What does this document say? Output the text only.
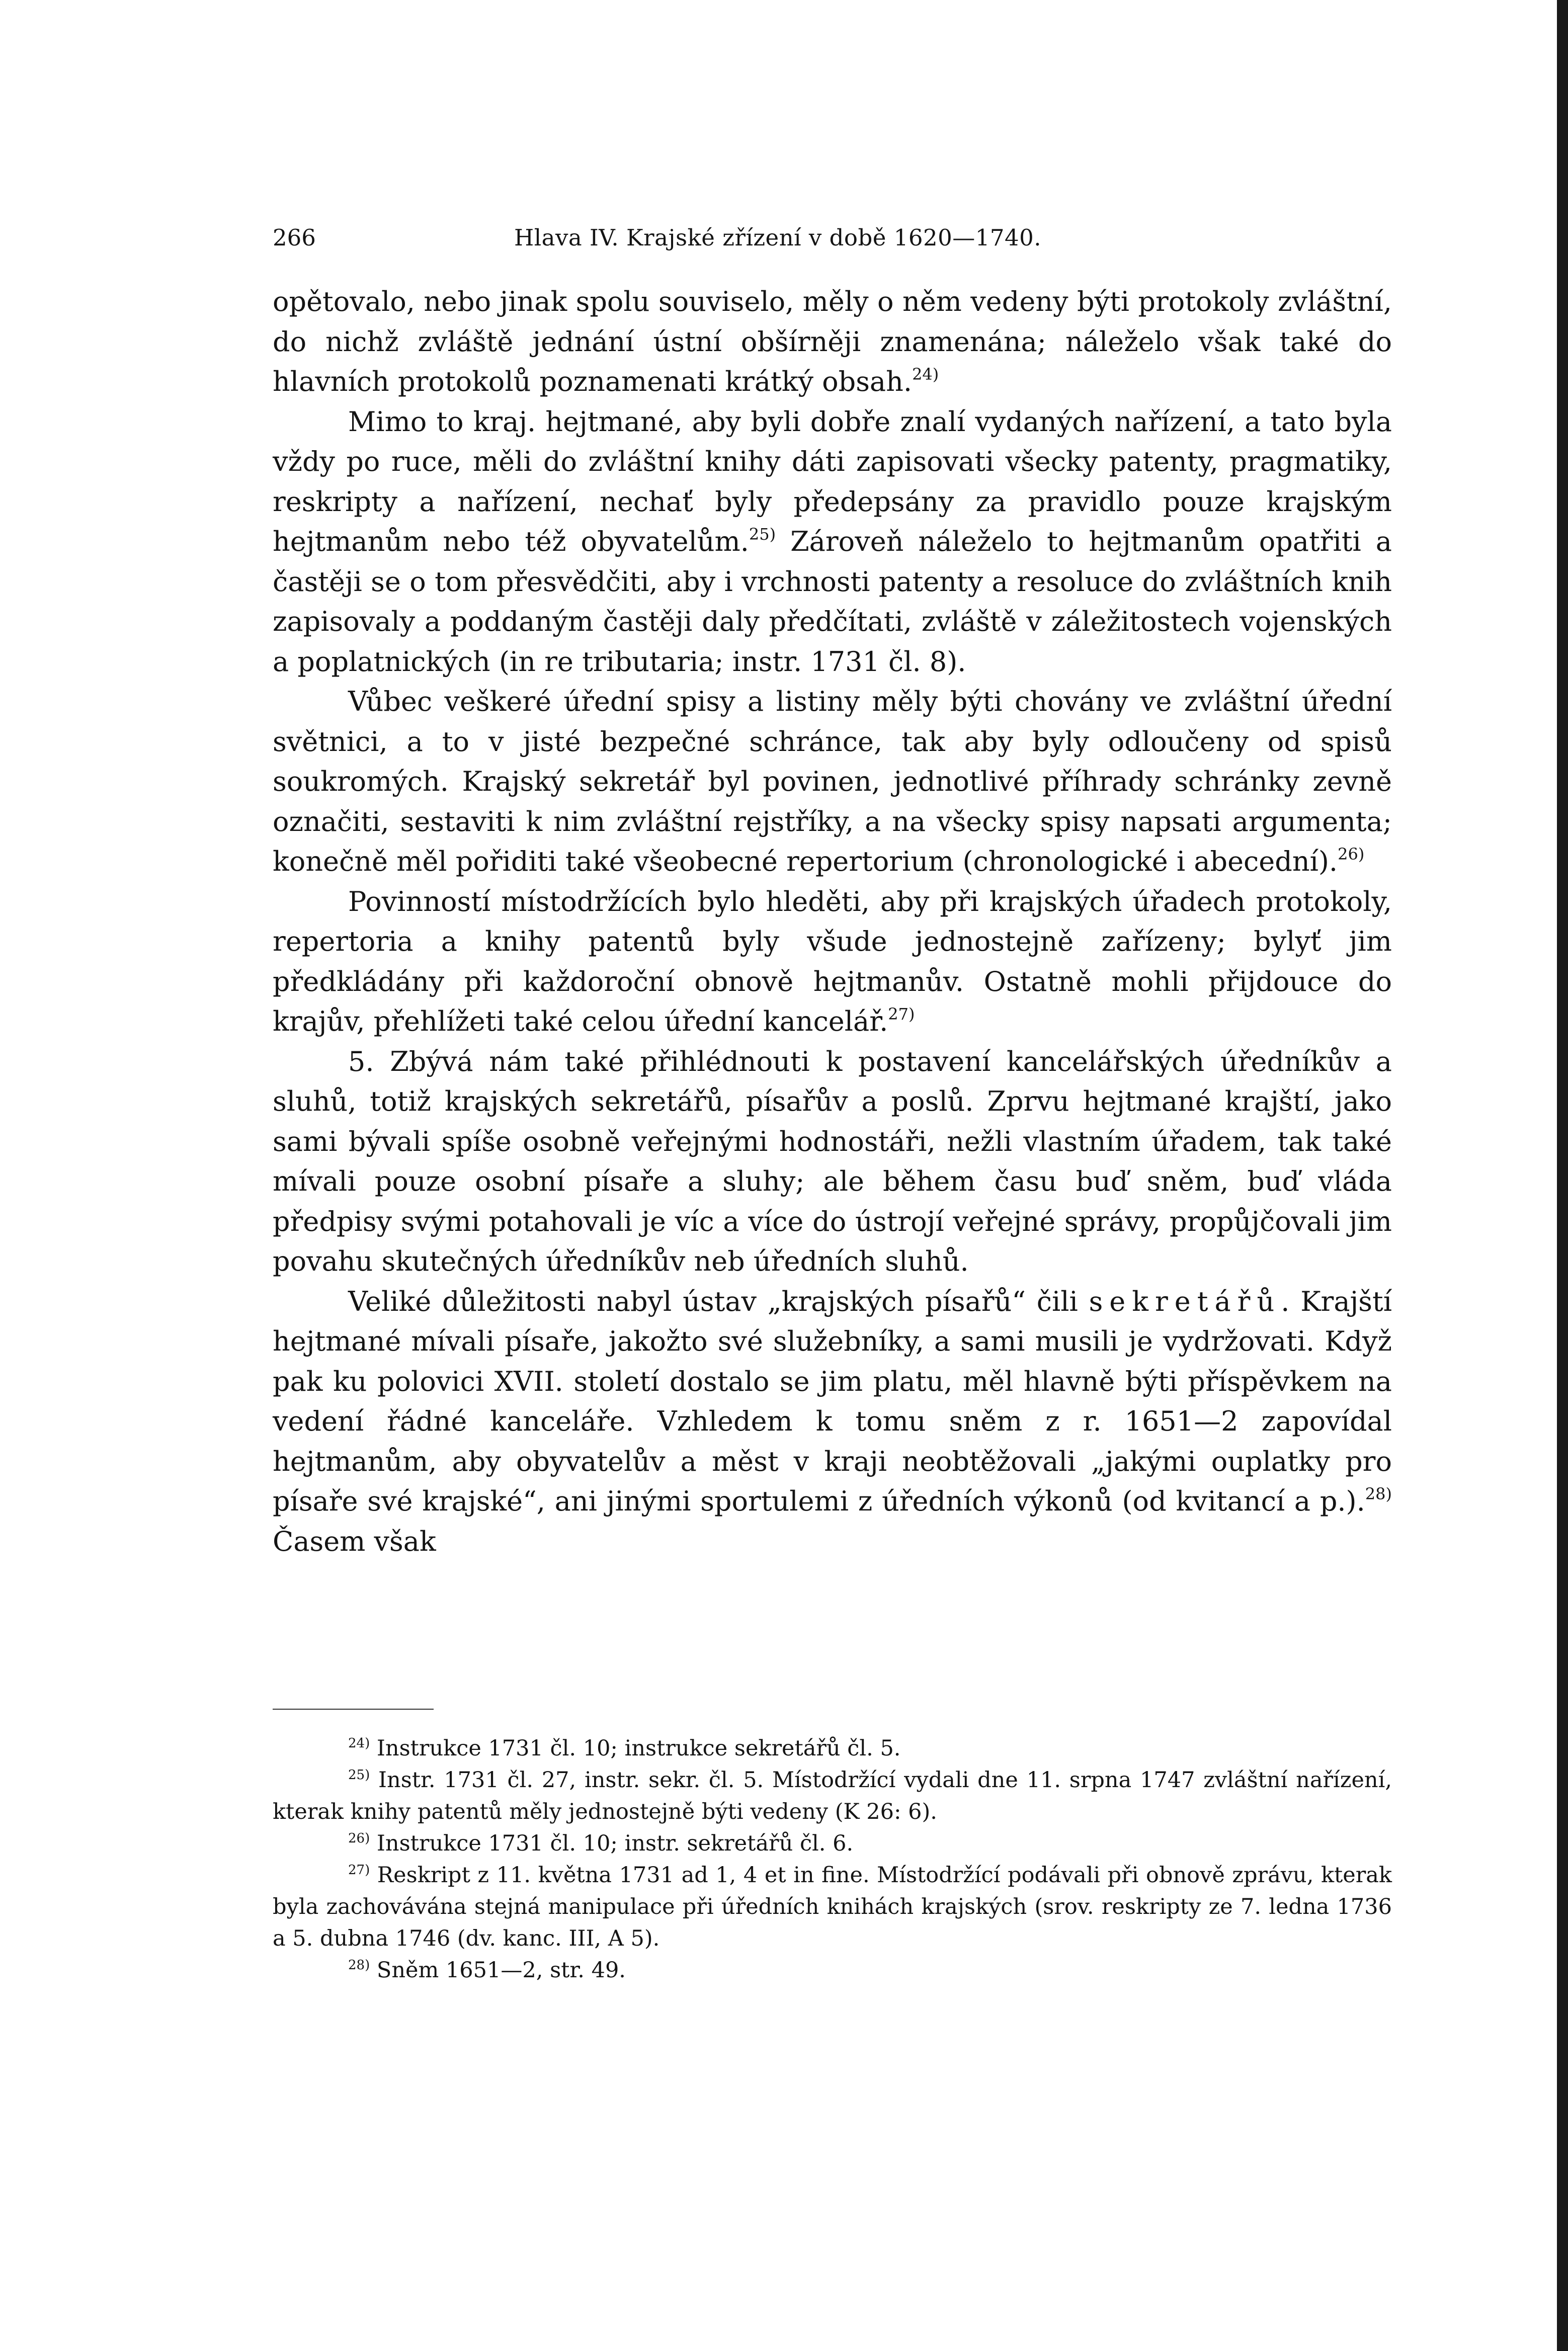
266	Hlava IV. Krajské zřízení v době 1620—1740.

opětovalo, nebo jinak spolu souviselo, měly o něm vedeny býti protokoly zvláštní, do nichž zvláště jednání ústní obšírněji znamenána; náleželo však také do hlavních protokolů poznamenati krátký obsah.$^{24)}$

Mimo to kraj. hejtmané, aby byli dobře znalí vydaných nařízení, a tato byla vždy po ruce, měli do zvláštní knihy dáti zapisovati všecky patenty, pragmatiky, reskripty a nařízení, nechať byly předepsány za pravidlo pouze krajským hejtmanům nebo též obyvatelům.$^{25)}$ Zároveň náleželo to hejtmanům opatřiti a častěji se o tom přesvědčiti, aby i vrchnosti patenty a resoluce do zvláštních knih zapisovaly a poddaným častěji daly předčítati, zvláště v záležitostech vojenských a poplatnických (in re tributaria; instr. 1731 čl. 8).

Vůbec veškeré úřední spisy a listiny měly býti chovány ve zvláštní úřední světnici, a to v jisté bezpečné schránce, tak aby byly odloučeny od spisů soukromých. Krajský sekretář byl povinen, jednotlivé příhrady schránky zevně označiti, sestaviti k nim zvláštní rejstříky, a na všecky spisy napsati argumenta; konečně měl pořiditi také všeobecné repertorium (chronologické i abecední).$^{26)}$

Povinností místodržících bylo hleděti, aby při krajských úřadech protokoly, repertoria a knihy patentů byly všude jednostejně zařízeny; bylyť jim předkládány při každoroční obnově hejtmanův. Ostatně mohli přijdouce do krajův, přehlížeti také celou úřední kancelář.$^{27)}$

5. Zbývá nám také přihlédnouti k postavení kancelářských úředníkův a sluhů, totiž krajských sekretářů, písařův a poslů. Zprvu hejtmané krajští, jako sami bývali spíše osobně veřejnými hodnostáři, nežli vlastním úřadem, tak také mívali pouze osobní písaře a sluhy; ale během času buď sněm, buď vláda předpisy svými potahovali je víc a více do ústrojí veřejné správy, propůjčovali jim povahu skutečných úředníkův neb úředních sluhů.

Veliké důležitosti nabyl ústav „krajských písařů“ čili sekretářů. Krajští hejtmané mívali písaře, jakožto své služebníky, a sami musili je vydržovati. Když pak ku polovici XVII. století dostalo se jim platu, měl hlavně býti příspěvkem na vedení řádné kanceláře. Vzhledem k tomu sněm z r. 1651—2 zapovídal hejtmanům, aby obyvatelův a měst v kraji neobtěžovali „jakými ouplatky pro písaře své krajské“, ani jinými sportulemi z úředních výkonů (od kvitancí a p.).$^{28)}$ Časem však

$^{24)}$ Instrukce 1731 čl. 10; instrukce sekretářů čl. 5.

$^{25)}$ Instr. 1731 čl. 27, instr. sekr. čl. 5. Místodržící vydali dne 11. srpna 1747 zvláštní nařízení, kterak knihy patentů měly jednostejně býti vedeny (K 26: 6).

$^{26)}$ Instrukce 1731 čl. 10; instr. sekretářů čl. 6.

$^{27)}$ Reskript z 11. května 1731 ad 1, 4 et in fine. Místodržící podávali při obnově zprávu, kterak byla zachovávána stejná manipulace při úředních knihách krajských (srov. reskripty ze 7. ledna 1736 a 5. dubna 1746 (dv. kanc. III, A 5).

$^{28)}$ Sněm 1651—2, str. 49.
